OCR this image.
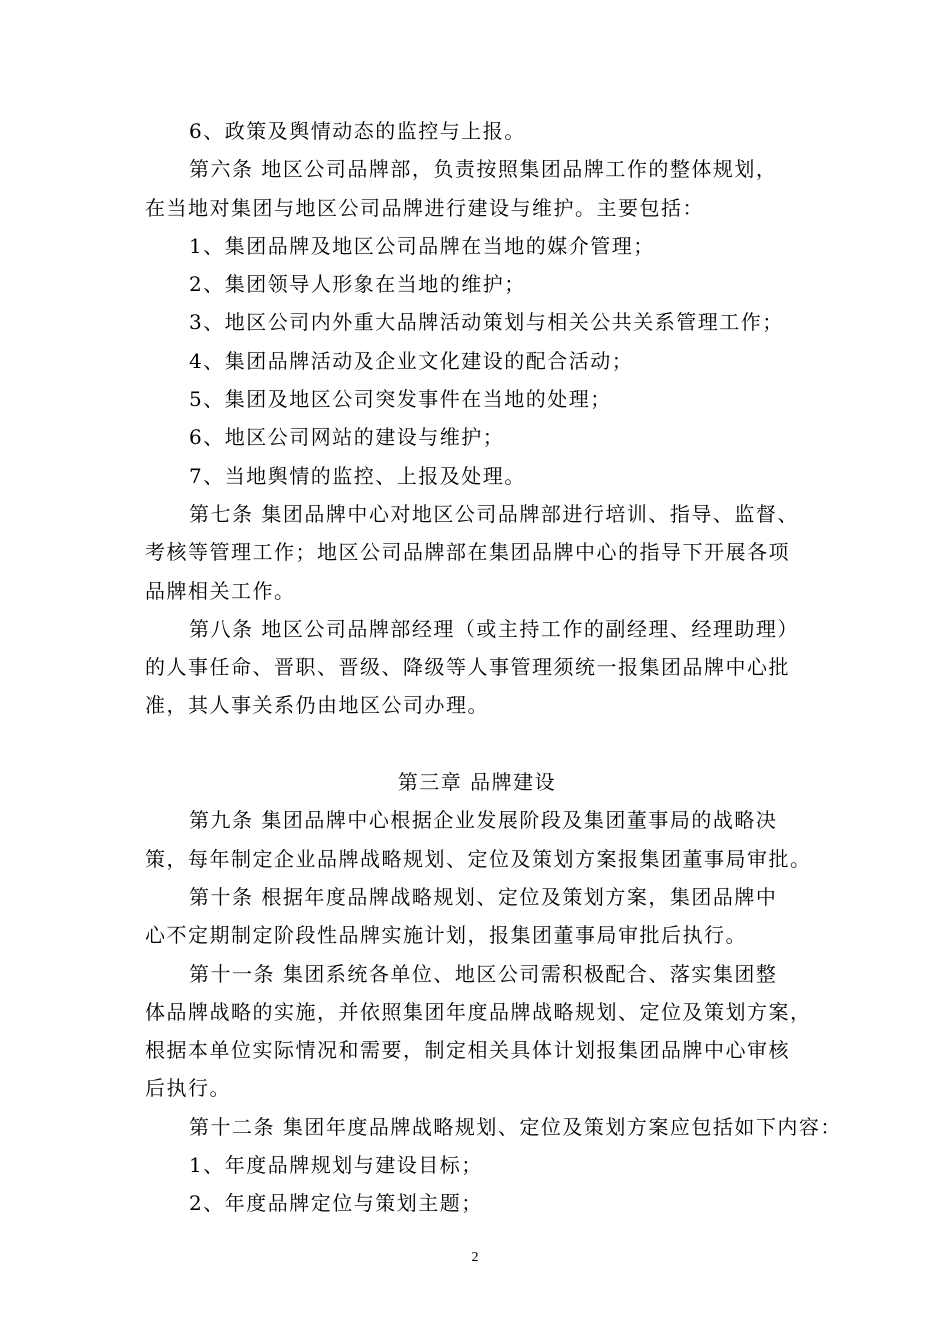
6、政策及舆情动态的监控与上报。
第六条 地区公司品牌部，负责按照集团品牌工作的整体规划，
在当地对集团与地区公司品牌进行建设与维护。主要包括：
1、集团品牌及地区公司品牌在当地的媒介管理；
2、集团领导人形象在当地的维护；
3、地区公司内外重大品牌活动策划与相关公共关系管理工作；
4、集团品牌活动及企业文化建设的配合活动；
5、集团及地区公司突发事件在当地的处理；
6、地区公司网站的建设与维护；
7、当地舆情的监控、上报及处理。
第七条 集团品牌中心对地区公司品牌部进行培训、指导、监督、
考核等管理工作；地区公司品牌部在集团品牌中心的指导下开展各项
品牌相关工作。
第八条 地区公司品牌部经理（或主持工作的副经理、经理助理）
的人事任命、晋职、晋级、降级等人事管理须统一报集团品牌中心批
准，其人事关系仍由地区公司办理。
第三章 品牌建设
第九条 集团品牌中心根据企业发展阶段及集团董事局的战略决
策，每年制定企业品牌战略规划、定位及策划方案报集团董事局审批。
第十条 根据年度品牌战略规划、定位及策划方案，集团品牌中
心不定期制定阶段性品牌实施计划，报集团董事局审批后执行。
第十一条 集团系统各单位、地区公司需积极配合、落实集团整
体品牌战略的实施，并依照集团年度品牌战略规划、定位及策划方案，
根据本单位实际情况和需要，制定相关具体计划报集团品牌中心审核
后执行。
第十二条 集团年度品牌战略规划、定位及策划方案应包括如下内容：
1、年度品牌规划与建设目标；
2、年度品牌定位与策划主题；
2
